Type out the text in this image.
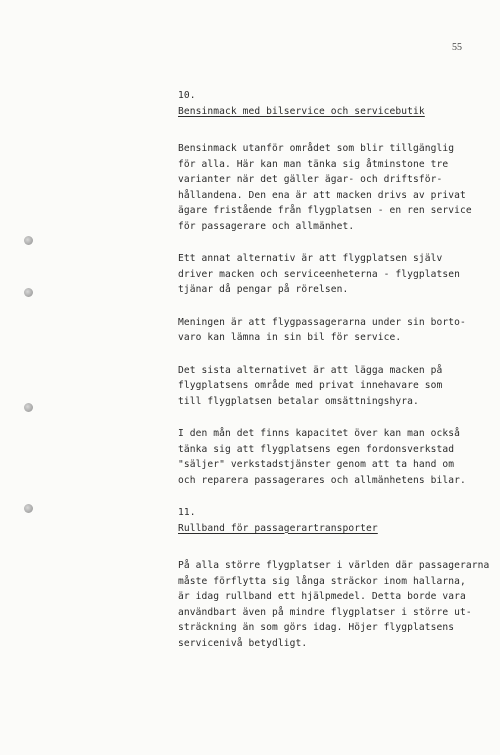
55

10.

Bensinmack med bilservice och servicebutik

Bensinmack utanför området som blir tillgänglig
för alla. Här kan man tänka sig åtminstone tre
varianter när det gäller ägar- och driftsför-
hållandena. Den ena är att macken drivs av privat
ägare fristående från flygplatsen - en ren service
för passagerare och allmänhet.
Ett annat alternativ är att flygplatsen själv
driver macken och serviceenheterna - flygplatsen
tjänar då pengar på rörelsen.
Meningen är att flygpassagerarna under sin borto-
varo kan lämna in sin bil för service.
Det sista alternativet är att lägga macken på
flygplatsens område med privat innehavare som
till flygplatsen betalar omsättningshyra.
I den mån det finns kapacitet över kan man också
tänka sig att flygplatsens egen fordonsverkstad
"säljer" verkstadstjänster genom att ta hand om
och reparera passagerares och allmänhetens bilar.

11.

Rullband för passagerartransporter

På alla större flygplatser i världen där passagerarna
måste förflytta sig långa sträckor inom hallarna,
är idag rullband ett hjälpmedel. Detta borde vara
användbart även på mindre flygplatser i större ut-
sträckning än som görs idag. Höjer flygplatsens
servicenivå betydligt.
